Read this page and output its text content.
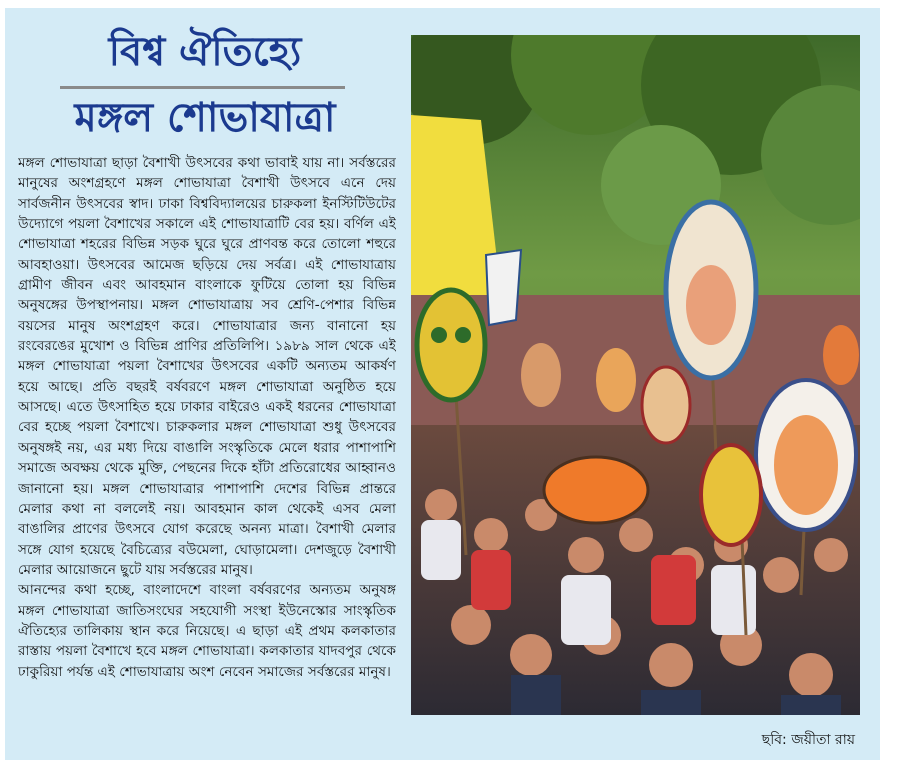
বিশ্ব ঐতিহ্যে
মঙ্গল শোভাযাত্রা

মঙ্গল শোভাযাত্রা ছাড়া বৈশাখী উৎসবের কথা ভাবাই যায় না। সর্বস্তরের মানুষের অংশগ্রহণে মঙ্গল শোভাযাত্রা বৈশাখী উৎসবে এনে দেয় সার্বজনীন উৎসবের স্বাদ। ঢাকা বিশ্ববিদ্যালয়ের চারুকলা ইনস্টিটিউটের উদ্যোগে পয়লা বৈশাখের সকালে এই শোভাযাত্রাটি বের হয়। বর্ণিল এই শোভাযাত্রা শহরের বিভিন্ন সড়ক ঘুরে ঘুরে প্রাণবন্ত করে তোলো শহুরে আবহাওয়া। উৎসবের আমেজ ছড়িয়ে দেয় সর্বত্র। এই শোভাযাত্রায় গ্রামীণ জীবন এবং আবহমান বাংলাকে ফুটিয়ে তোলা হয় বিভিন্ন অনুষঙ্গের উপস্থাপনায়। মঙ্গল শোভাযাত্রায় সব শ্রেণি-পেশার বিভিন্ন বয়সের মানুষ অংশগ্রহণ করে। শোভাযাত্রার জন্য বানানো হয় রংবেরঙের মুখোশ ও বিভিন্ন প্রাণির প্রতিলিপি। ১৯৮৯ সাল থেকে এই মঙ্গল শোভাযাত্রা পয়লা বৈশাখের উৎসবের একটি অন্যতম আকর্ষণ হয়ে আছে। প্রতি বছরই বর্ষবরণে মঙ্গল শোভাযাত্রা অনুষ্ঠিত হয়ে আসছে। এতে উৎসাহিত হয়ে ঢাকার বাইরেও একই ধরনের শোভাযাত্রা বের হচ্ছে পয়লা বৈশাখে। চারুকলার মঙ্গল শোভাযাত্রা শুধু উৎসবের অনুষঙ্গই নয়, এর মধ্য দিয়ে বাঙালি সংস্কৃতিকে মেলে ধরার পাশাপাশি সমাজে অবক্ষয় থেকে মুক্তি, পেছনের দিকে হাঁটা প্রতিরোধের আহ্বানও জানানো হয়। মঙ্গল শোভাযাত্রার পাশাপাশি দেশের বিভিন্ন প্রান্তরে মেলার কথা না বললেই নয়। আবহমান কাল থেকেই এসব মেলা বাঙালির প্রাণের উৎসবে যোগ করেছে অনন্য মাত্রা। বৈশাখী মেলার সঙ্গে যোগ হয়েছে বৈচিত্র্যের বউমেলা, ঘোড়ামেলা। দেশজুড়ে বৈশাখী মেলার আয়োজনে ছুটে যায় সর্বস্তরের মানুষ।

আনন্দের কথা হচ্ছে, বাংলাদেশে বাংলা বর্ষবরণের অন্যতম অনুষঙ্গ মঙ্গল শোভাযাত্রা জাতিসংঘের সহযোগী সংস্থা ইউনেস্কোর সাংস্কৃতিক ঐতিহ্যের তালিকায় স্থান করে নিয়েছে। এ ছাড়া এই প্রথম কলকাতার রাস্তায় পয়লা বৈশাখে হবে মঙ্গল শোভাযাত্রা। কলকাতার যাদবপুর থেকে ঢাকুরিয়া পর্যন্ত এই শোভাযাত্রায় অংশ নেবেন সমাজের সর্বস্তরের মানুষ।

ছবি: জয়ীতা রায়
